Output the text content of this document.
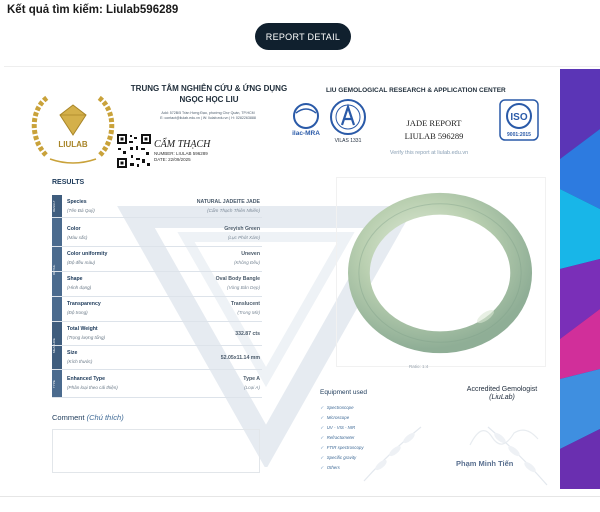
Kết quả tìm kiếm: Liulab596289
REPORT DETAIL
LIULAB
TRUNG TÂM NGHIÊN CỨU & ỨNG DỤNG
NGỌC HỌC LIU
Add: 572B/5 Trần Hưng Đạo, phường Chợ Quán, TP.HCM
E: contact@liulab.edu.vn | W: liulab.edu.vn | H: 0282263888
CẨM THẠCH
NUMBER: LIULAB 596289
DATE: 22/09/2025
LIU GEMOLOGICAL RESEARCH & APPLICATION CENTER
ilac-MRA
VILAS 1331
JADE REPORT
LIULAB 596289
ISO
9001:2015
Verify this report at liulab.edu.vn
RESULTS
RESULT
DETAIL
MEASURE
TYPE
Species
(Tên Đá Quý)
NATURAL JADEITE JADE
(Cẩm Thạch Thiên Nhiên)
Color
(Màu sắc)
Greyish Green
(Lục Phớt Xám)
Color uniformity
(Độ đều màu)
Uneven
(Không Đều)
Shape
(Hình dạng)
Oval Body Bangle
(Vòng Bản Dẹp)
Transparency
(Độ trong)
Translucent
(Trong Mờ)
Total Weight
(Trọng lượng tổng)
332.87 cts
Size
(Kích thước)
52.05x11.14 mm
Enhanced Type
(Phân loại theo cải thiện)
Type A
(Loại A)
Comment (Chú thích)
Ratio: 1:4
Equipment used
✓ Spectroscope
✓ Microscope
✓ UV - VIS - NIR
✓ Refractometer
✓ FTIR spectroscopy
✓ Specific gravity
✓ Others
Accredited Gemologist
(LiuLab)
Phạm Minh Tiến
